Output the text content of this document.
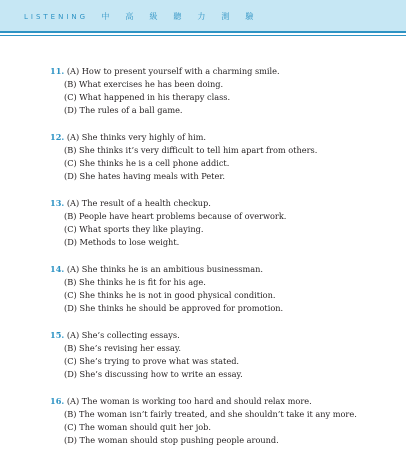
LISTENING 中 高 級 聽 力 測 驗
11. (A) How to present yourself with a charming smile.
(B) What exercises he has been doing.
(C) What happened in his therapy class.
(D) The rules of a ball game.
12. (A) She thinks very highly of him.
(B) She thinks it’s very difficult to tell him apart from others.
(C) She thinks he is a cell phone addict.
(D) She hates having meals with Peter.
13. (A) The result of a health checkup.
(B) People have heart problems because of overwork.
(C) What sports they like playing.
(D) Methods to lose weight.
14. (A) She thinks he is an ambitious businessman.
(B) She thinks he is fit for his age.
(C) She thinks he is not in good physical condition.
(D) She thinks he should be approved for promotion.
15. (A) She’s collecting essays.
(B) She’s revising her essay.
(C) She’s trying to prove what was stated.
(D) She’s discussing how to write an essay.
16. (A) The woman is working too hard and should relax more.
(B) The woman isn’t fairly treated, and she shouldn’t take it any more.
(C) The woman should quit her job.
(D) The woman should stop pushing people around.
